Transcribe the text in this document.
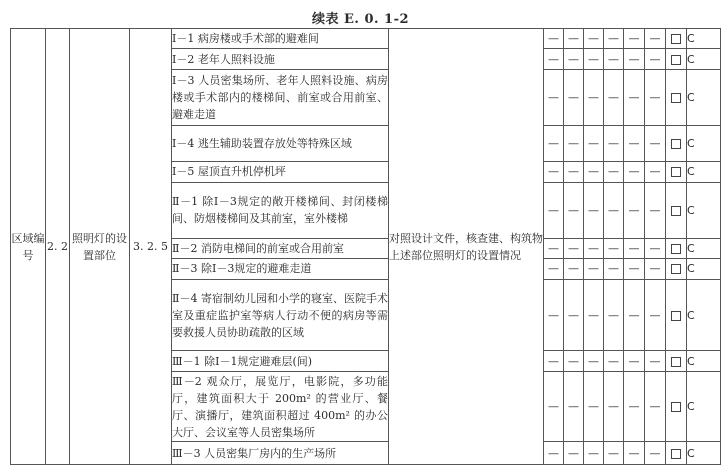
续表 E. 0. 1-2
区域编号	2. 2	照明灯的设置部位	3. 2. 5	Ⅰ－1 病房楼或手术部的避难间	对照设计文件，核查建、构筑物上述部位照明灯的设置情况	—	—	—	—	—	—		C
				Ⅰ－2 老年人照料设施		—	—	—	—	—	—		C
				Ⅰ－3 人员密集场所、老年人照料设施、病房楼或手术部内的楼梯间、前室或合用前室、避难走道		—	—	—	—	—	—		C
				Ⅰ－4 逃生辅助装置存放处等特殊区域		—	—	—	—	—	—		C
				Ⅰ－5 屋顶直升机停机坪		—	—	—	—	—	—		C
				Ⅱ－1 除Ⅰ－3规定的敞开楼梯间、封闭楼梯间、防烟楼梯间及其前室，室外楼梯		—	—	—	—	—	—		C
				Ⅱ－2 消防电梯间的前室或合用前室		—	—	—	—	—	—		C
				Ⅱ－3 除Ⅰ－3规定的避难走道		—	—	—	—	—	—		C
				Ⅱ－4 寄宿制幼儿园和小学的寝室、医院手术室及重症监护室等病人行动不便的病房等需要救援人员协助疏散的区域		—	—	—	—	—	—		C
				Ⅲ－1 除Ⅰ－1规定避难层(间)		—	—	—	—	—	—		C
				Ⅲ－2 观众厅，展览厅，电影院，多功能厅，建筑面积大于 200m² 的营业厅、餐厅、演播厅，建筑面积超过 400m² 的办公大厅、会议室等人员密集场所		—	—	—	—	—	—		C
				Ⅲ－3 人员密集厂房内的生产场所		—	—	—	—	—	—		C
